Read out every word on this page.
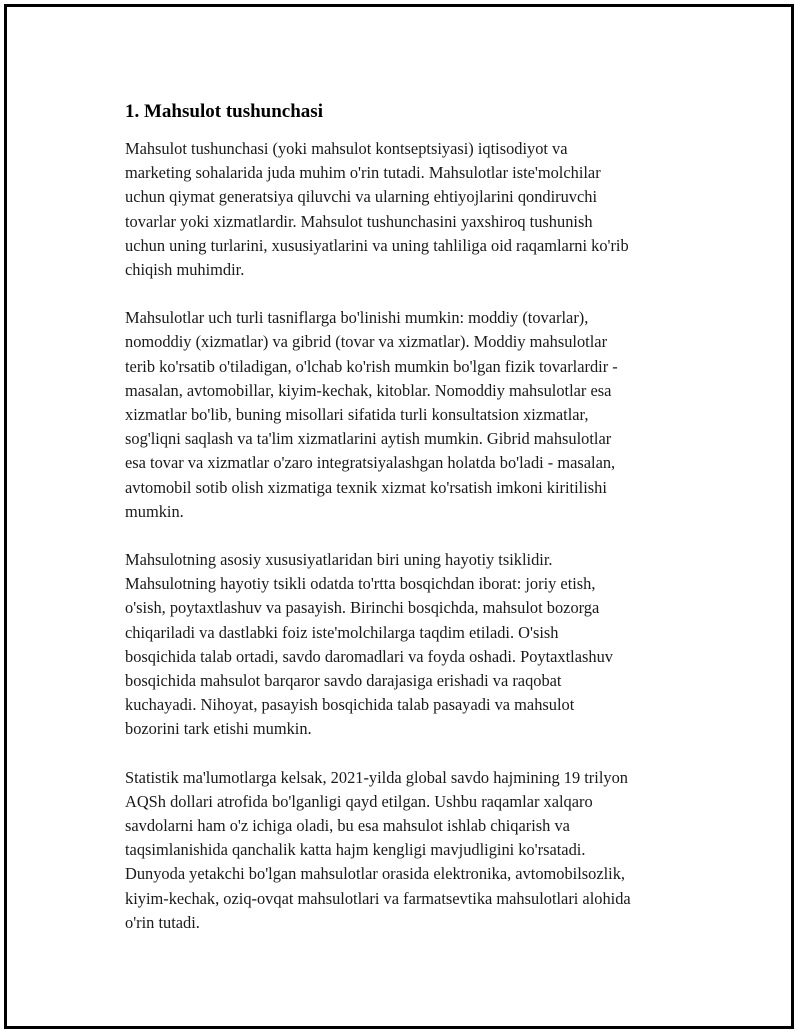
1. Mahsulot tushunchasi

Mahsulot tushunchasi (yoki mahsulot kontseptsiyasi) iqtisodiyot va
marketing sohalarida juda muhim o'rin tutadi. Mahsulotlar iste'molchilar
uchun qiymat generatsiya qiluvchi va ularning ehtiyojlarini qondiruvchi
tovarlar yoki xizmatlardir. Mahsulot tushunchasini yaxshiroq tushunish
uchun uning turlarini, xususiyatlarini va uning tahliliga oid raqamlarni ko'rib
chiqish muhimdir.

Mahsulotlar uch turli tasniflarga bo'linishi mumkin: moddiy (tovarlar),
nomoddiy (xizmatlar) va gibrid (tovar va xizmatlar). Moddiy mahsulotlar
terib ko'rsatib o'tiladigan, o'lchab ko'rish mumkin bo'lgan fizik tovarlardir -
masalan, avtomobillar, kiyim-kechak, kitoblar. Nomoddiy mahsulotlar esa
xizmatlar bo'lib, buning misollari sifatida turli konsultatsion xizmatlar,
sog'liqni saqlash va ta'lim xizmatlarini aytish mumkin. Gibrid mahsulotlar
esa tovar va xizmatlar o'zaro integratsiyalashgan holatda bo'ladi - masalan,
avtomobil sotib olish xizmatiga texnik xizmat ko'rsatish imkoni kiritilishi
mumkin.

Mahsulotning asosiy xususiyatlaridan biri uning hayotiy tsiklidir.
Mahsulotning hayotiy tsikli odatda to'rtta bosqichdan iborat: joriy etish,
o'sish, poytaxtlashuv va pasayish. Birinchi bosqichda, mahsulot bozorga
chiqariladi va dastlabki foiz iste'molchilarga taqdim etiladi. O'sish
bosqichida talab ortadi, savdo daromadlari va foyda oshadi. Poytaxtlashuv
bosqichida mahsulot barqaror savdo darajasiga erishadi va raqobat
kuchayadi. Nihoyat, pasayish bosqichida talab pasayadi va mahsulot
bozorini tark etishi mumkin.

Statistik ma'lumotlarga kelsak, 2021-yilda global savdo hajmining 19 trilyon
AQSh dollari atrofida bo'lganligi qayd etilgan. Ushbu raqamlar xalqaro
savdolarni ham o'z ichiga oladi, bu esa mahsulot ishlab chiqarish va
taqsimlanishida qanchalik katta hajm kengligi mavjudligini ko'rsatadi.
Dunyoda yetakchi bo'lgan mahsulotlar orasida elektronika, avtomobilsozlik,
kiyim-kechak, oziq-ovqat mahsulotlari va farmatsevtika mahsulotlari alohida
o'rin tutadi.
